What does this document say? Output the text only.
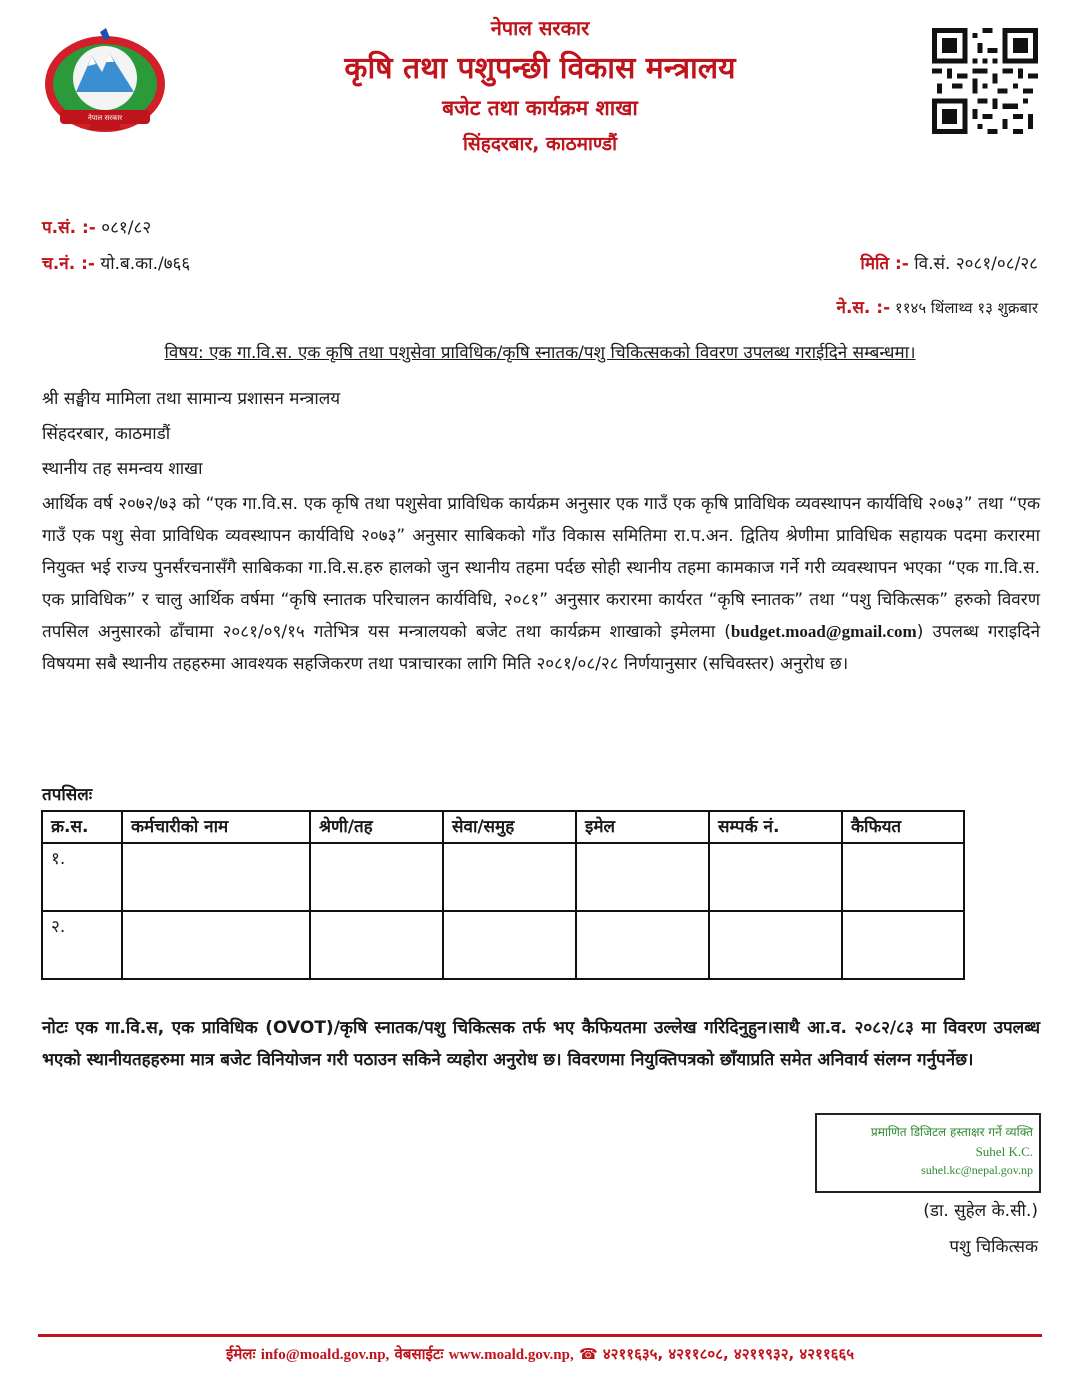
नेपाल सरकार
नेपाल सरकार
कृषि तथा पशुपन्छी विकास मन्त्रालय
बजेट तथा कार्यक्रम शाखा
सिंहदरबार, काठमाण्डौं
प.सं. :- ०८१/८२
च.नं. :- यो.ब.का./७६६	मिति :- वि.सं. २०८१/०८/२८
ने.स. :- ११४५ थिंलाथ्व १३ शुक्रबार
विषय: एक गा.वि.स. एक कृषि तथा पशुसेवा प्राविधिक/कृषि स्नातक/पशु चिकित्सकको विवरण उपलब्ध गराईदिने सम्बन्धमा।
श्री सङ्घीय मामिला तथा सामान्य प्रशासन मन्त्रालय
सिंहदरबार, काठमाडौं
स्थानीय तह समन्वय शाखा
आर्थिक वर्ष २०७२/७३ को “एक गा.वि.स. एक कृषि तथा पशुसेवा प्राविधिक कार्यक्रम अनुसार एक गाउँ एक कृषि प्राविधिक व्यवस्थापन कार्यविधि २०७३” तथा “एक गाउँ एक पशु सेवा प्राविधिक व्यवस्थापन कार्यविधि २०७३” अनुसार साबिकको गाँउ विकास समितिमा रा.प.अन. द्वितिय श्रेणीमा प्राविधिक सहायक पदमा करारमा नियुक्त भई राज्य पुनर्संरचनासँगै साबिकका गा.वि.स.हरु हालको जुन स्थानीय तहमा पर्दछ सोही स्थानीय तहमा कामकाज गर्ने गरी व्यवस्थापन भएका “एक गा.वि.स. एक प्राविधिक” र चालु आर्थिक वर्षमा “कृषि स्नातक परिचालन कार्यविधि, २०८१” अनुसार करारमा कार्यरत “कृषि स्नातक” तथा “पशु चिकित्सक” हरुको विवरण तपसिल अनुसारको ढाँचामा २०८१/०९/१५ गतेभित्र यस मन्त्रालयको बजेट तथा कार्यक्रम शाखाको इमेलमा (budget.moad@gmail.com) उपलब्ध गराइदिने विषयमा सबै स्थानीय तहहरुमा आवश्यक सहजिकरण तथा पत्राचारका लागि मिति २०८१/०८/२८ निर्णयानुसार (सचिवस्तर) अनुरोध छ।
तपसिलः
क्र.स.	कर्मचारीको नाम	श्रेणी/तह	सेवा/समुह	इमेल	सम्पर्क नं.	कैफियत
१.						
२.						
नोटः एक गा.वि.स, एक प्राविधिक (OVOT)/कृषि स्नातक/पशु चिकित्सक तर्फ भए कैफियतमा उल्लेख गरिदिनुहुन।साथै आ.व. २०८२/८३ मा विवरण उपलब्ध भएको स्थानीयतहहरुमा मात्र बजेट विनियोजन गरी पठाउन सकिने व्यहोरा अनुरोध छ। विवरणमा नियुक्तिपत्रको छाँयाप्रति समेत अनिवार्य संलग्न गर्नुपर्नेछ।
प्रमाणित डिजिटल हस्ताक्षर गर्ने व्यक्ति
Suhel K.C.
suhel.kc@nepal.gov.np
(डा. सुहेल के.सी.)
पशु चिकित्सक
ईमेलः info@moald.gov.np, वेबसाईटः www.moald.gov.np, ☎ ४२११६३५, ४२११८०८, ४२११९३२, ४२११६६५
